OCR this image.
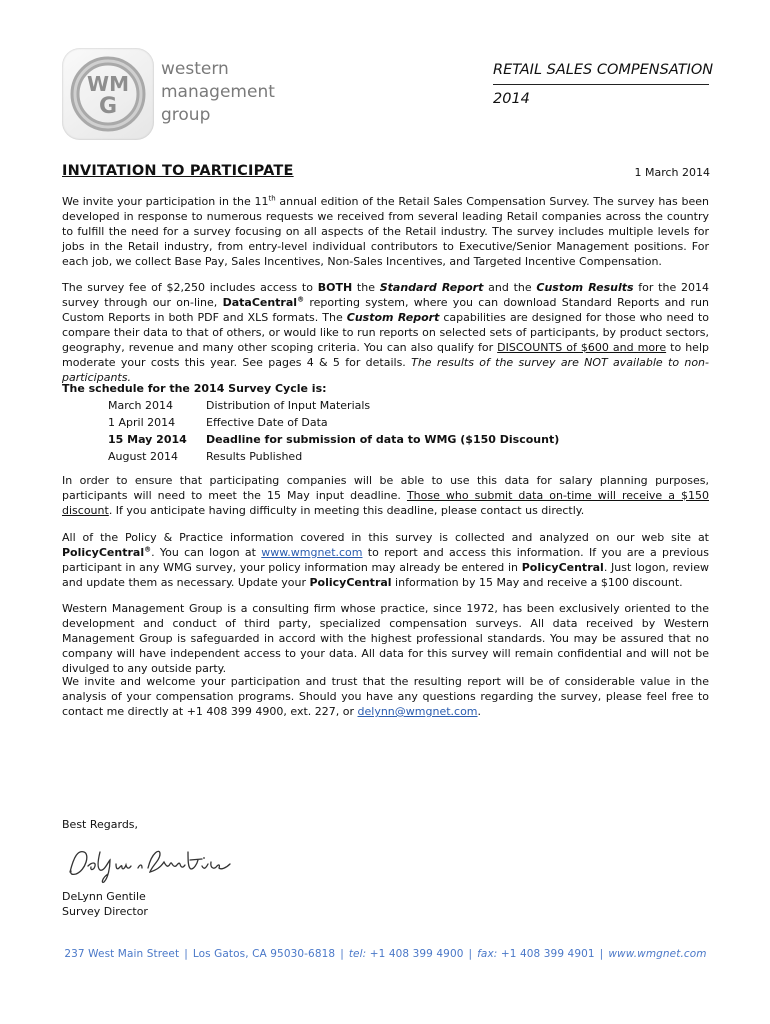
WM
G
western
management
group
RETAIL SALES COMPENSATION
2014
INVITATION TO PARTICIPATE	1 March 2014

We invite your participation in the 11th annual edition of the Retail Sales Compensation Survey. The survey has been developed in response to numerous requests we received from several leading Retail companies across the country to fulfill the need for a survey focusing on all aspects of the Retail industry. The survey includes multiple levels for jobs in the Retail industry, from entry-level individual contributors to Executive/Senior Management positions. For each job, we collect Base Pay, Sales Incentives, Non-Sales Incentives, and Targeted Incentive Compensation.

The survey fee of $2,250 includes access to BOTH the Standard Report and the Custom Results for the 2014 survey through our on-line, DataCentral® reporting system, where you can download Standard Reports and run Custom Reports in both PDF and XLS formats. The Custom Report capabilities are designed for those who need to compare their data to that of others, or would like to run reports on selected sets of participants, by product sectors, geography, revenue and many other scoping criteria. You can also qualify for DISCOUNTS of $600 and more to help moderate your costs this year. See pages 4 & 5 for details. The results of the survey are NOT available to non-participants.

The schedule for the 2014 Survey Cycle is:
March 2014	Distribution of Input Materials
1 April 2014	Effective Date of Data
15 May 2014 Deadline for submission of data to WMG ($150 Discount)
August 2014	Results Published

In order to ensure that participating companies will be able to use this data for salary planning purposes, participants will need to meet the 15 May input deadline. Those who submit data on-time will receive a $150 discount. If you anticipate having difficulty in meeting this deadline, please contact us directly.

All of the Policy & Practice information covered in this survey is collected and analyzed on our web site at PolicyCentral®. You can logon at www.wmgnet.com to report and access this information. If you are a previous participant in any WMG survey, your policy information may already be entered in PolicyCentral. Just logon, review and update them as necessary. Update your PolicyCentral information by 15 May and receive a $100 discount.

Western Management Group is a consulting firm whose practice, since 1972, has been exclusively oriented to the development and conduct of third party, specialized compensation surveys. All data received by Western Management Group is safeguarded in accord with the highest professional standards. You may be assured that no company will have independent access to your data. All data for this survey will remain confidential and will not be divulged to any outside party.

We invite and welcome your participation and trust that the resulting report will be of considerable value in the analysis of your compensation programs. Should you have any questions regarding the survey, please feel free to contact me directly at +1 408 399 4900, ext. 227, or delynn@wmgnet.com.

Best Regards,
DeLynn Gentile
Survey Director
237 West Main Street | Los Gatos, CA 95030-6818 | tel: +1 408 399 4900 | fax: +1 408 399 4901 | www.wmgnet.com
